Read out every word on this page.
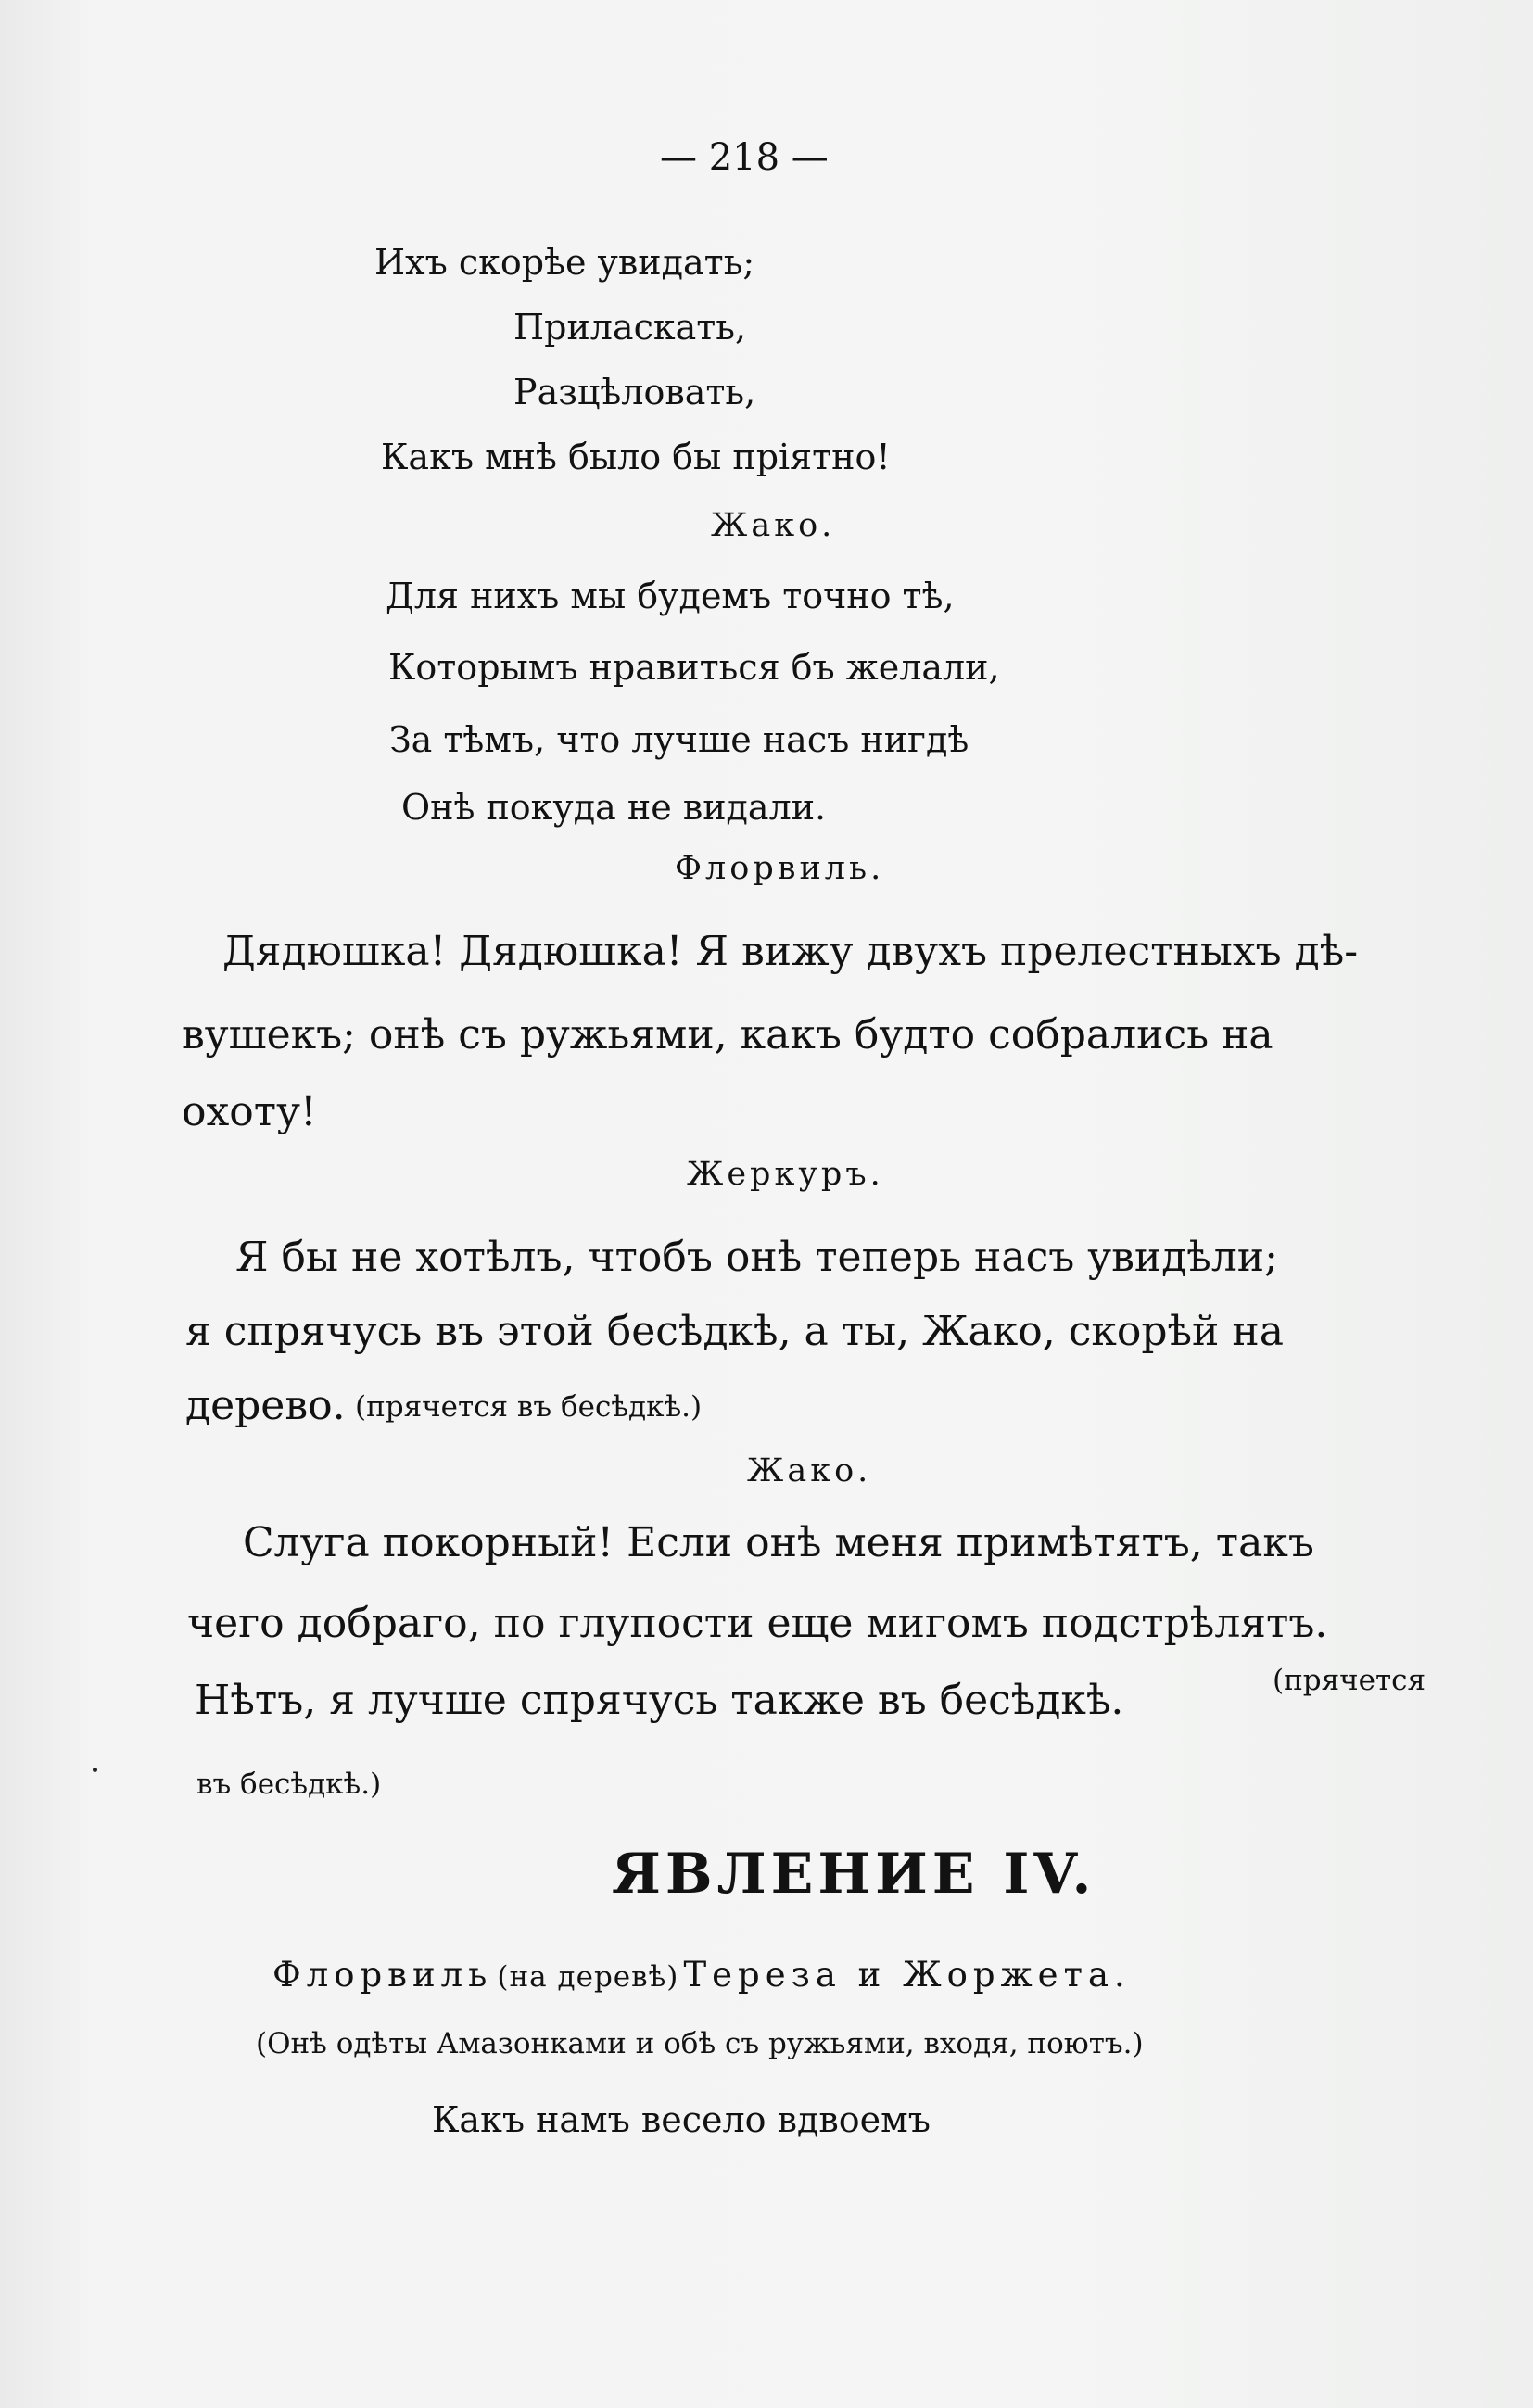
— 218 —
Ихъ скорѣе увидать;
Приласкать,
Разцѣловать,
Какъ мнѣ было бы пріятно!
Жако.
Для нихъ мы будемъ точно тѣ,
Которымъ нравиться бъ желали,
За тѣмъ, что лучше насъ нигдѣ
Онѣ покуда не видали.
Флорвиль.
Дядюшка! Дядюшка! Я вижу двухъ прелестныхъ дѣ-
вушекъ; онѣ съ ружьями, какъ будто собрались на
охоту!
Жеркуръ.
Я бы не хотѣлъ, чтобъ онѣ теперь насъ увидѣли;
я спрячусь въ этой бесѣдкѣ, а ты, Жако, скорѣй на
дерево. (прячется въ бесѣдкѣ.)
Жако.
Слуга покорный! Если онѣ меня примѣтятъ, такъ
чего добраго, по глупости еще мигомъ подстрѣлятъ.
Нѣтъ, я лучше спрячусь также въ бесѣдкѣ.	(прячется
въ бесѣдкѣ.)
ЯВЛЕНИЕ IV.
Флорвиль (на деревѣ) Тереза и Жоржета.
(Онѣ одѣты Амазонками и обѣ съ ружьями, входя, поютъ.)
Какъ намъ весело вдвоемъ
